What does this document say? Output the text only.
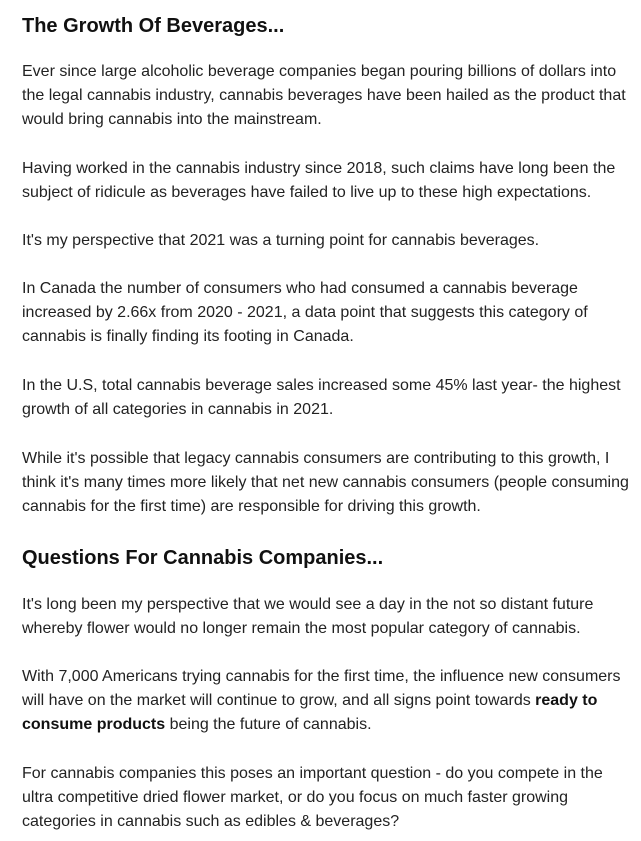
The Growth Of Beverages...

Ever since large alcoholic beverage companies began pouring billions of dollars into the legal cannabis industry, cannabis beverages have been hailed as the product that would bring cannabis into the mainstream.

Having worked in the cannabis industry since 2018, such claims have long been the subject of ridicule as beverages have failed to live up to these high expectations.

It's my perspective that 2021 was a turning point for cannabis beverages.

In Canada the number of consumers who had consumed a cannabis beverage increased by 2.66x from 2020 - 2021, a data point that suggests this category of cannabis is finally finding its footing in Canada.

In the U.S, total cannabis beverage sales increased some 45% last year- the highest growth of all categories in cannabis in 2021.

While it's possible that legacy cannabis consumers are contributing to this growth, I think it's many times more likely that net new cannabis consumers (people consuming cannabis for the first time) are responsible for driving this growth.

Questions For Cannabis Companies...

It's long been my perspective that we would see a day in the not so distant future whereby flower would no longer remain the most popular category of cannabis.

With 7,000 Americans trying cannabis for the first time, the influence new consumers will have on the market will continue to grow, and all signs point towards ready to consume products being the future of cannabis.

For cannabis companies this poses an important question - do you compete in the ultra competitive dried flower market, or do you focus on much faster growing categories in cannabis such as edibles & beverages?
